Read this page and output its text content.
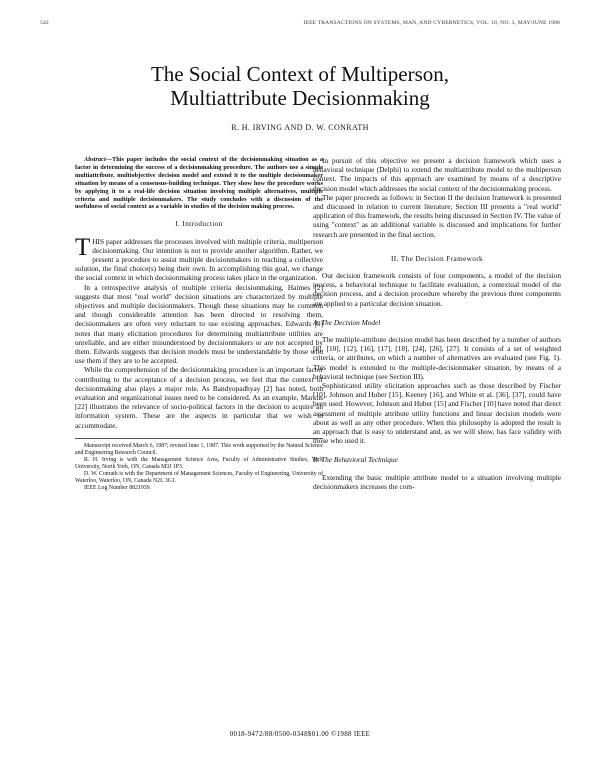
542	IEEE TRANSACTIONS ON SYSTEMS, MAN, AND CYBERNETICS, VOL. 18, NO. 3, MAY/JUNE 1988
The Social Context of Multiperson,
Multiattribute Decisionmaking
R. H. IRVING AND D. W. CONRATH

Abstract—This paper includes the social context of the decisionmaking situation as a factor in determining the success of a decisionmaking procedure. The authors use a simple multiattribute, multiobjective decision model and extend it to the multiple decisionmaker situation by means of a consensus-building technique. They show how the procedure works by applying it to a real-life decision situation involving multiple alternatives, multiple criteria and multiple decisionmakers. The study concludes with a discussion of the usefulness of social context as a variable in studies of the decision making process.

I. Introduction

THIS paper addresses the processes involved with multiple criteria, multiperson decisionmaking. Our intention is not to provide another algorithm. Rather, we present a procedure to assist multiple decisionmakers in reaching a collective solution, the final choice(s) being their own. In accomplishing this goal, we change the social context in which decisionmaking process takes place in the organization.

In a retrospective analysis of multiple criteria decisionmaking, Haimes [2] suggests that most "real world" decision situations are characterized by multiple objectives and multiple decisionmakers. Though these situations may be common and though considerable attention has been directed to resolving them, decisionmakers are often very reluctant to use existing approaches. Edwards [9] notes that many elicitation procedures for determining multiattribute utilities are unreliable, and are either misunderstood by decisionmakers or are not accepted by them. Edwards suggests that decision models must be understandable by those who use them if they are to be accepted.

While the comprehension of the decisionmaking procedure is an important factor contributing to the acceptance of a decision process, we feel that the context of decisionmaking also plays a major role. As Bandyopadhyay [2] has noted, both evaluation and organizational issues need to be considered. As an example, Markus [22] illustrates the relevance of socio-political factors in the decision to acquire an information system. These are the aspects in particular that we wish to accommodate.

Manuscript received March 6, 1987; revised June 1, 1987. This work supported by the Natural Science and Engineering Research Council.

R. H. Irving is with the Management Science Area, Faculty of Administrative Studies, York University, North York, ON, Canada M3J 1P3.

D. W. Conrath is with the Department of Management Sciences, Faculty of Engineering, University of Waterloo, Waterloo, ON, Canada N2L 3G1.

IEEE Log Number 8821939.

In pursuit of this objective we present a decision framework which uses a behavioral technique (Delphi) to extend the multiattribute model to the multiperson context. The impacts of this approach are examined by means of a descriptive decision model which addresses the social context of the decisionmaking process.

The paper proceeds as follows: in Section II the decision framework is presented and discussed in relation to current literature; Section III presents a "real world" application of this framework, the results being discussed in Section IV. The value of using "context" as an additional variable is discussed and implications for further research are presented in the final section.

II. The Decision Framework

Our decision framework consists of four components, a model of the decision process, a behavioral technique to facilitate evaluation, a contextual model of the decision process, and a decision procedure whereby the previous three components are applied to a particular decision situation.

A. The Decision Model

The multiple-attribute decision model has been described by a number of authors [8], [10], [12], [16], [17], [18], [24], [26], [27]. It consists of a set of weighted criteria, or attributes, on which a number of alternatives are evaluated (see Fig. 1). This model is extended to the multiple-decisionmaker situation, by means of a behavioral technique (see Section III).

Sophisticated utility elicitation approaches such as those described by Fischer [10], Johnson and Huber [15], Keeney [16], and White et al. [36], [37], could have been used. However, Johnson and Huber [15] and Fischer [10] have noted that direct assessment of multiple attribute utility functions and linear decision models were about as well as any other procedure. When this philosophy is adopted the result is an approach that is easy to understand and, as we will show, has face validity with those who used it.

B. The Behavioral Technique

Extending the basic multiple attribute model to a situation involving multiple decisionmakers increases the com-

0018-9472/88/0500-0348$01.00 ©1988 IEEE
